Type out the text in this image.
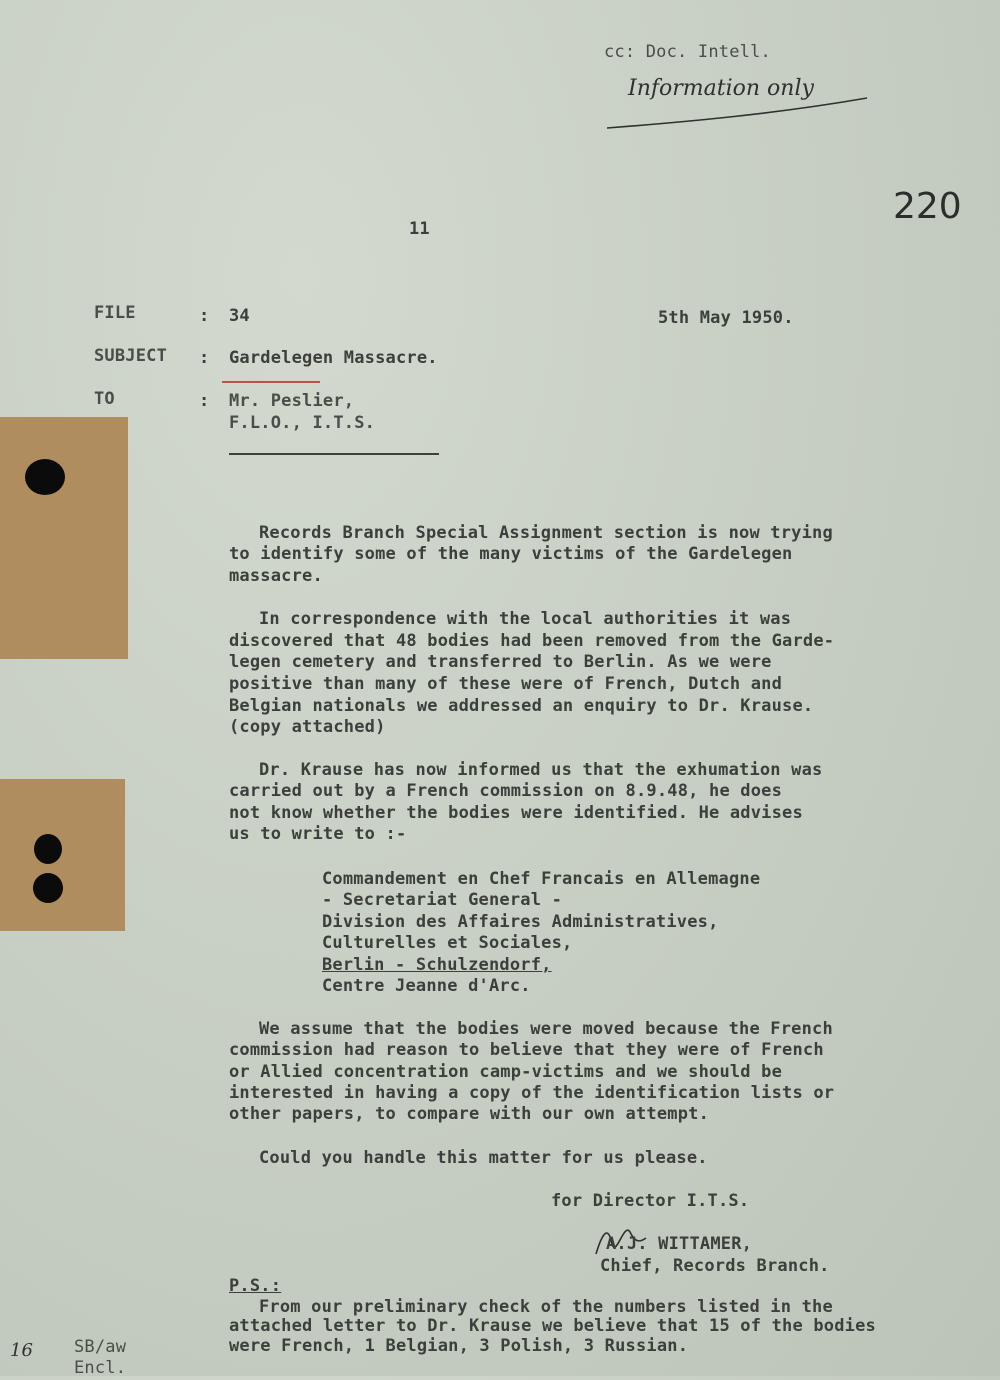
cc: Doc. Intell.
Information only
220
11
FILE	: 34	5th May 1950.
SUBJECT : Gardelegen Massacre.
TO	: Mr. Peslier,
F.L.O., I.T.S.
Records Branch Special Assignment section is now trying
to identify some of the many victims of the Gardelegen
massacre.
In correspondence with the local authorities it was
discovered that 48 bodies had been removed from the Garde-
legen cemetery and transferred to Berlin. As we were
positive than many of these were of French, Dutch and
Belgian nationals we addressed an enquiry to Dr. Krause.
(copy attached)
Dr. Krause has now informed us that the exhumation was
carried out by a French commission on 8.9.48, he does
not know whether the bodies were identified. He advises
us to write to :-
Commandement en Chef Francais en Allemagne
- Secretariat General -
Division des Affaires Administratives,
Culturelles et Sociales,
Berlin - Schulzendorf,
Centre Jeanne d'Arc.
We assume that the bodies were moved because the French
commission had reason to believe that they were of French
or Allied concentration camp-victims and we should be
interested in having a copy of the identification lists or
other papers, to compare with our own attempt.
Could you handle this matter for us please.
for Director I.T.S.
A.J. WITTAMER,
Chief, Records Branch.
P.S.:
From our preliminary check of the numbers listed in the
attached letter to Dr. Krause we believe that 15 of the bodies
were French, 1 Belgian, 3 Polish, 3 Russian.
16 SB/aw
Encl.
